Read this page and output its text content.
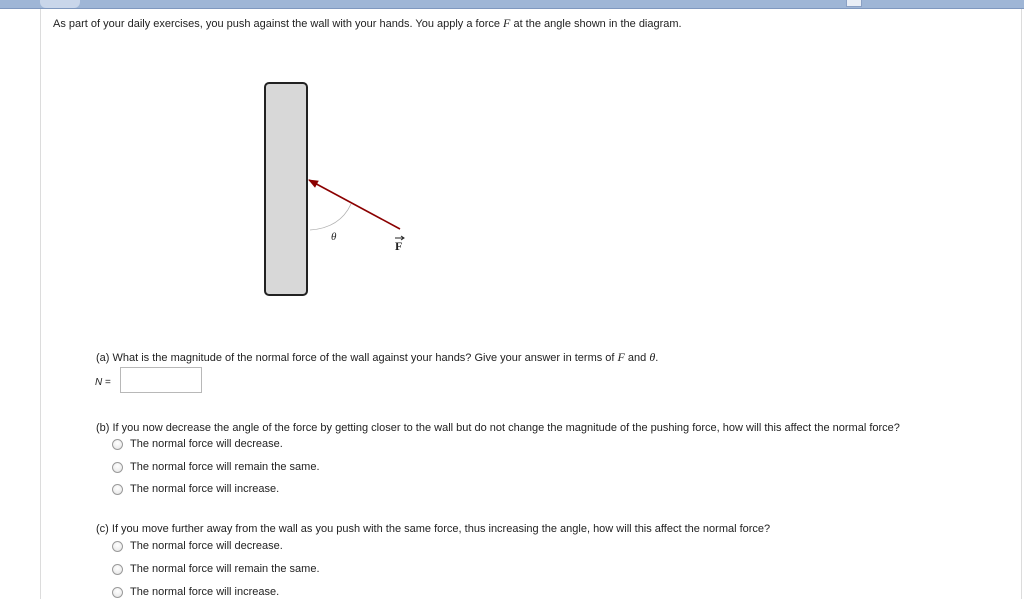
As part of your daily exercises, you push against the wall with your hands. You apply a force F at the angle shown in the diagram.
θ
F
(a) What is the magnitude of the normal force of the wall against your hands? Give your answer in terms of F and θ.
N =
(b) If you now decrease the angle of the force by getting closer to the wall but do not change the magnitude of the pushing force, how will this affect the normal force?
The normal force will decrease.
The normal force will remain the same.
The normal force will increase.
(c) If you move further away from the wall as you push with the same force, thus increasing the angle, how will this affect the normal force?
The normal force will decrease.
The normal force will remain the same.
The normal force will increase.
